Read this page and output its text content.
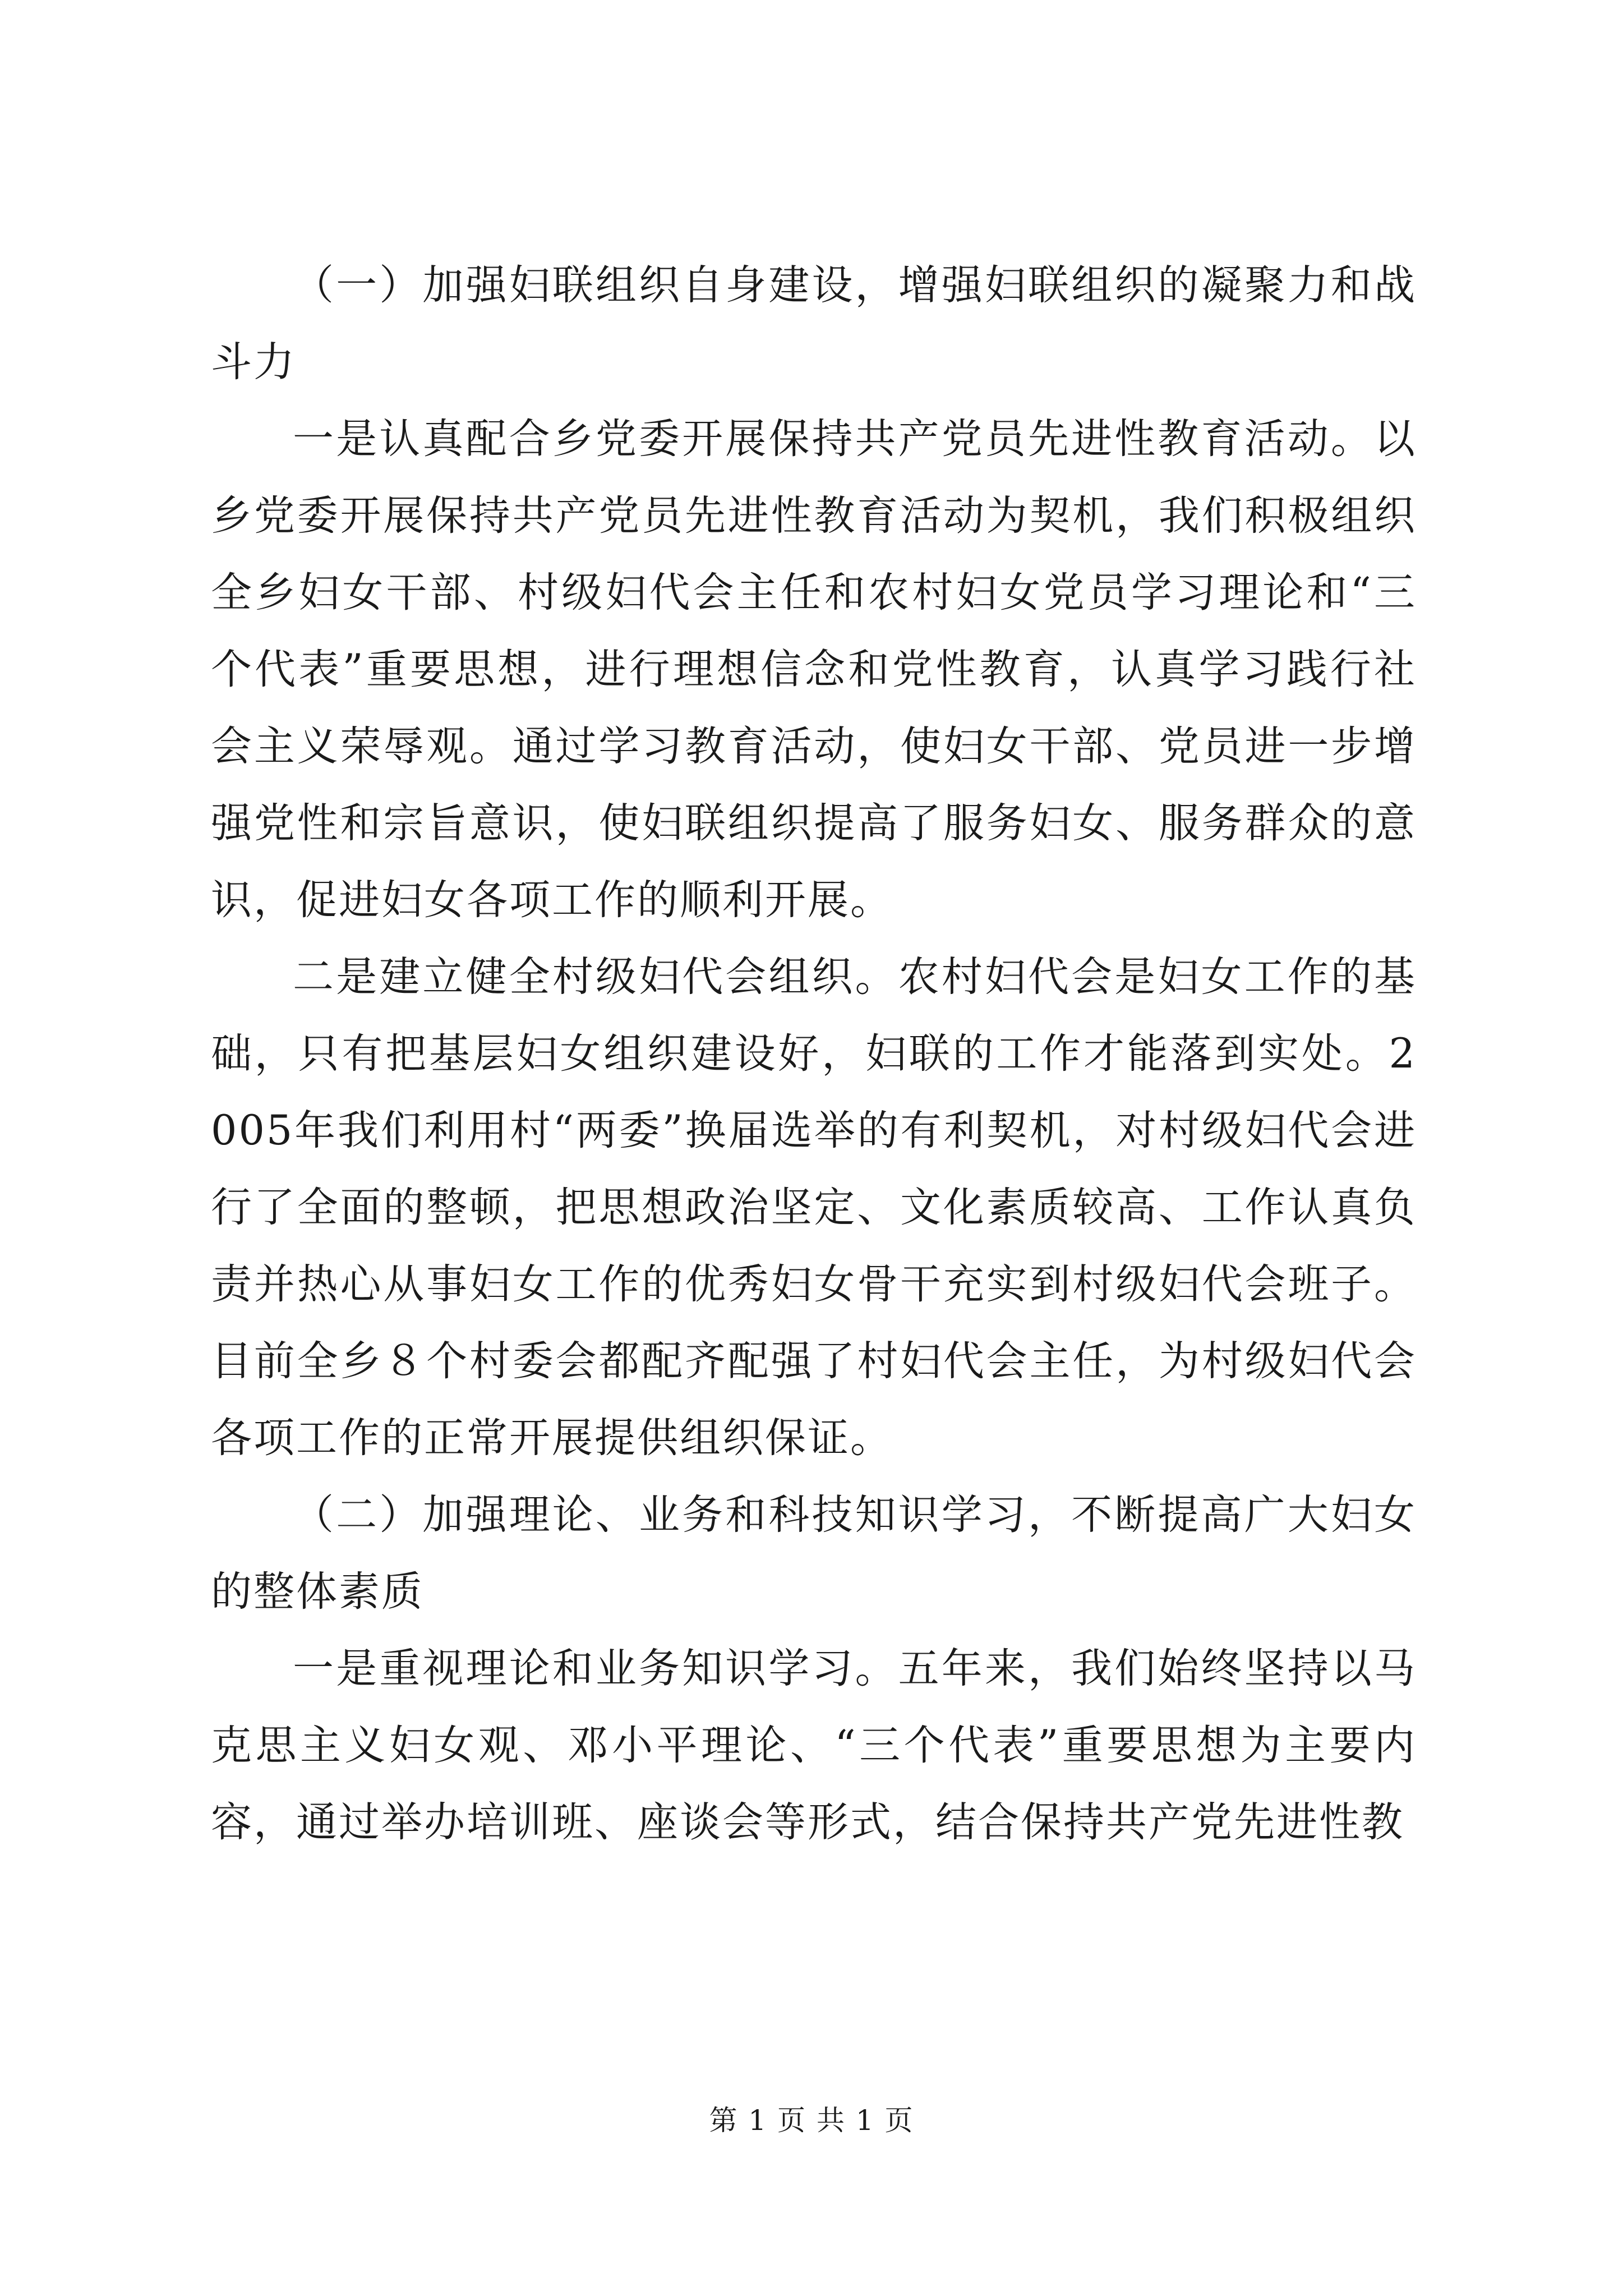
（一）加强妇联组织自身建设，增强妇联组织的凝聚力和战斗力

一是认真配合乡党委开展保持共产党员先进性教育活动。以乡党委开展保持共产党员先进性教育活动为契机，我们积极组织全乡妇女干部、村级妇代会主任和农村妇女党员学习理论和“三个代表”重要思想，进行理想信念和党性教育，认真学习践行社会主义荣辱观。通过学习教育活动，使妇女干部、党员进一步增强党性和宗旨意识，使妇联组织提高了服务妇女、服务群众的意识，促进妇女各项工作的顺利开展。

二是建立健全村级妇代会组织。农村妇代会是妇女工作的基础，只有把基层妇女组织建设好，妇联的工作才能落到实处。2005年我们利用村“两委”换届选举的有利契机，对村级妇代会进行了全面的整顿，把思想政治坚定、文化素质较高、工作认真负责并热心从事妇女工作的优秀妇女骨干充实到村级妇代会班子。目前全乡８个村委会都配齐配强了村妇代会主任，为村级妇代会各项工作的正常开展提供组织保证。

（二）加强理论、业务和科技知识学习，不断提高广大妇女的整体素质

一是重视理论和业务知识学习。五年来，我们始终坚持以马克思主义妇女观、邓小平理论、“三个代表”重要思想为主要内容，通过举办培训班、座谈会等形式，结合保持共产党先进性教

第 1 页 共 1 页
